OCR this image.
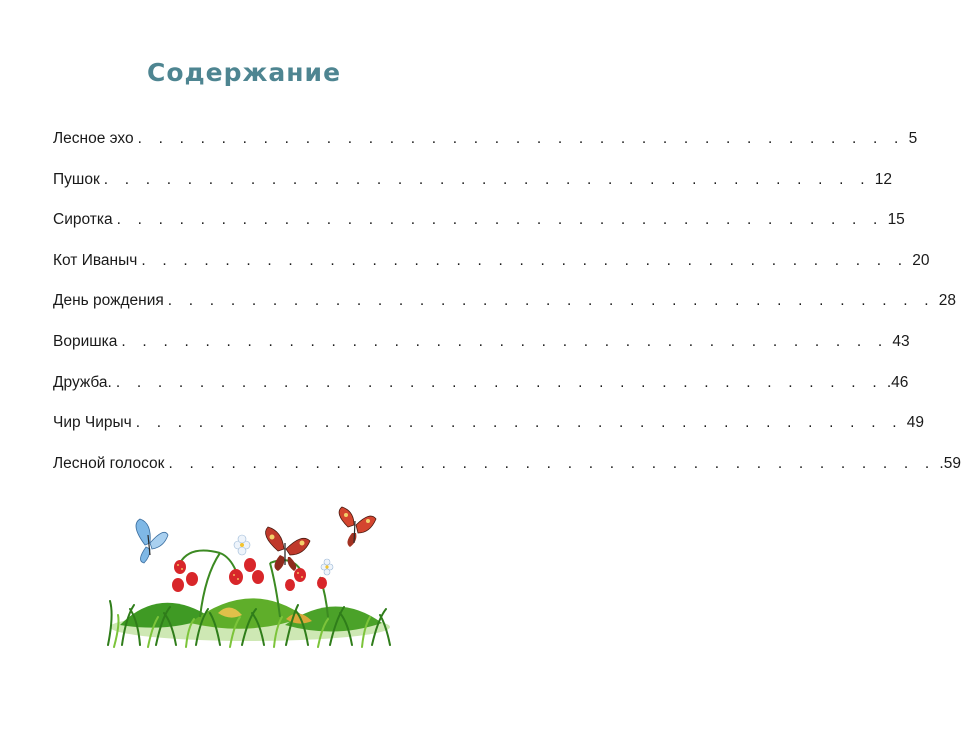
Содержание
Лесное эхо . . . . . . . . . . . . . . . . . . . . . . . . . . . . . . . . . . . . . 5
Пушок . . . . . . . . . . . . . . . . . . . . . . . . . . . . . . . . . . . . . 12
Сиротка . . . . . . . . . . . . . . . . . . . . . . . . . . . . . . . . . . . . . 15
Кот Иваныч . . . . . . . . . . . . . . . . . . . . . . . . . . . . . . . . . . . . . 20
День рождения . . . . . . . . . . . . . . . . . . . . . . . . . . . . . . . . . . . . . 28
Воришка . . . . . . . . . . . . . . . . . . . . . . . . . . . . . . . . . . . . . 43
Дружба. . . . . . . . . . . . . . . . . . . . . . . . . . . . . . . . . . . . . . .46
Чир Чирыч . . . . . . . . . . . . . . . . . . . . . . . . . . . . . . . . . . . . . 49
Лесной голосок . . . . . . . . . . . . . . . . . . . . . . . . . . . . . . . . . . . . . .59
